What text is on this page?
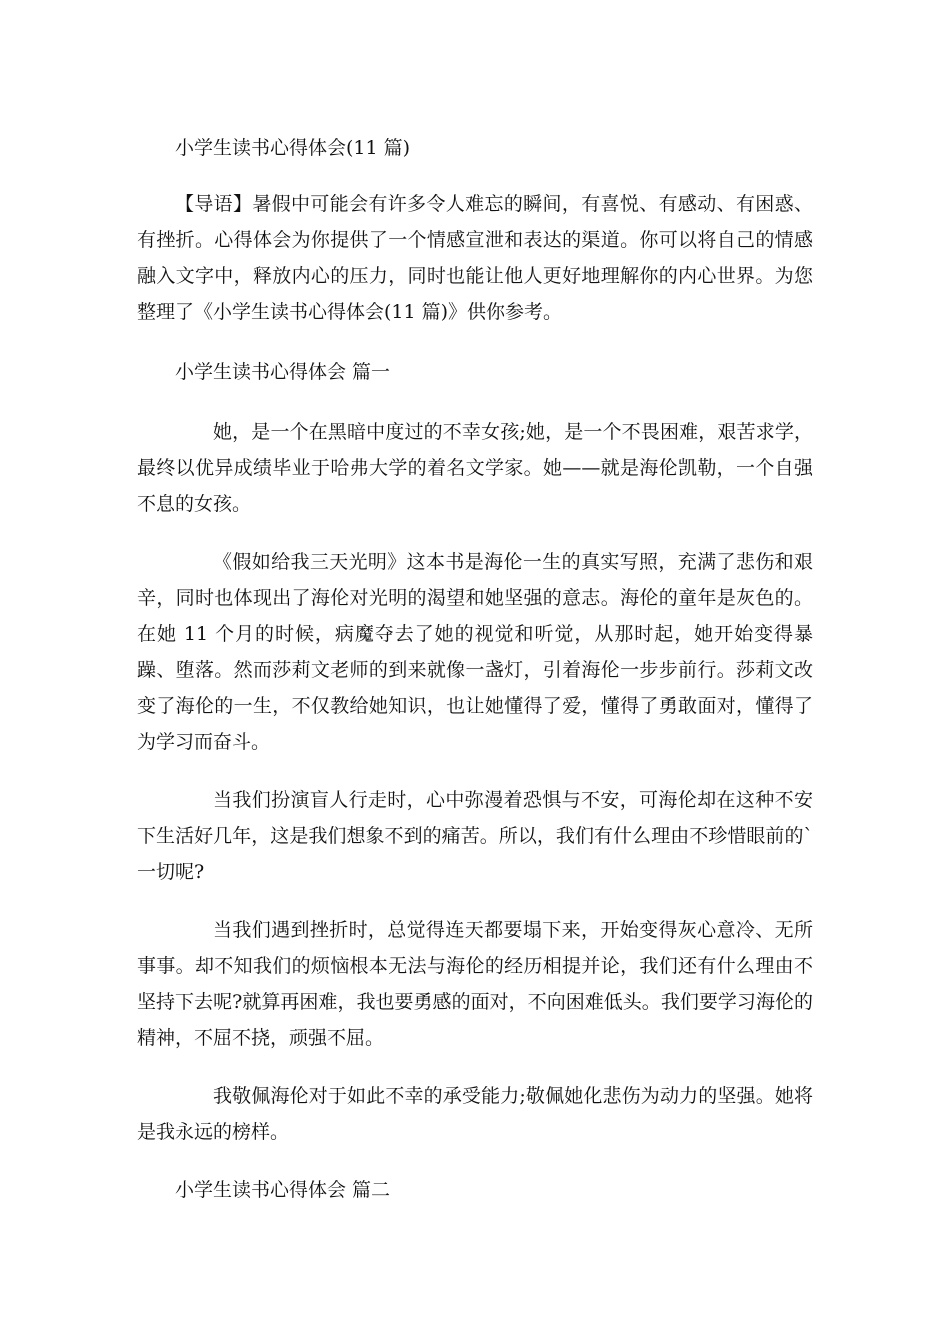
小学生读书心得体会(11 篇)

【导语】暑假中可能会有许多令人难忘的瞬间，有喜悦、有感动、有困惑、有挫折。心得体会为你提供了一个情感宣泄和表达的渠道。你可以将自己的情感融入文字中，释放内心的压力，同时也能让他人更好地理解你的内心世界。为您整理了《小学生读书心得体会(11 篇)》供你参考。

小学生读书心得体会 篇一

她，是一个在黑暗中度过的不幸女孩;她，是一个不畏困难，艰苦求学，最终以优异成绩毕业于哈弗大学的着名文学家。她——就是海伦凯勒，一个自强不息的女孩。

《假如给我三天光明》这本书是海伦一生的真实写照，充满了悲伤和艰辛，同时也体现出了海伦对光明的渴望和她坚强的意志。海伦的童年是灰色的。在她 11 个月的时候，病魔夺去了她的视觉和听觉，从那时起，她开始变得暴躁、堕落。然而莎莉文老师的到来就像一盏灯，引着海伦一步步前行。莎莉文改变了海伦的一生，不仅教给她知识，也让她懂得了爱，懂得了勇敢面对，懂得了为学习而奋斗。

当我们扮演盲人行走时，心中弥漫着恐惧与不安，可海伦却在这种不安下生活好几年，这是我们想象不到的痛苦。所以，我们有什么理由不珍惜眼前的`一切呢?

当我们遇到挫折时，总觉得连天都要塌下来，开始变得灰心意冷、无所事事。却不知我们的烦恼根本无法与海伦的经历相提并论，我们还有什么理由不坚持下去呢?就算再困难，我也要勇感的面对，不向困难低头。我们要学习海伦的精神，不屈不挠，顽强不屈。

我敬佩海伦对于如此不幸的承受能力;敬佩她化悲伤为动力的坚强。她将是我永远的榜样。

小学生读书心得体会 篇二
